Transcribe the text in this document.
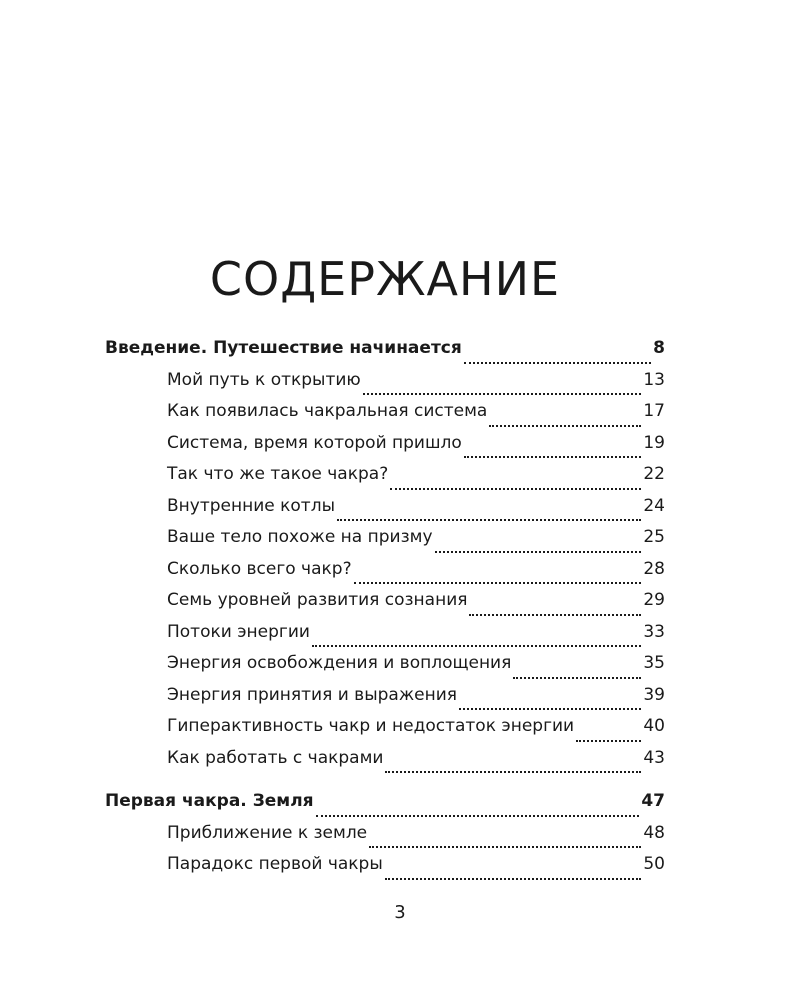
СОДЕРЖАНИЕ
Введение. Путешествие начинается	8
Мой путь к открытию	13
Как появилась чакральная система	17
Система, время которой пришло	19
Так что же такое чакра?	22
Внутренние котлы	24
Ваше тело похоже на призму	25
Сколько всего чакр?	28
Семь уровней развития сознания	29
Потоки энергии	33
Энергия освобождения и воплощения	35
Энергия принятия и выражения	39
Гиперактивность чакр и недостаток энергии	40
Как работать с чакрами	43
Первая чакра. Земля	47
Приближение к земле	48
Парадокс первой чакры	50
3
